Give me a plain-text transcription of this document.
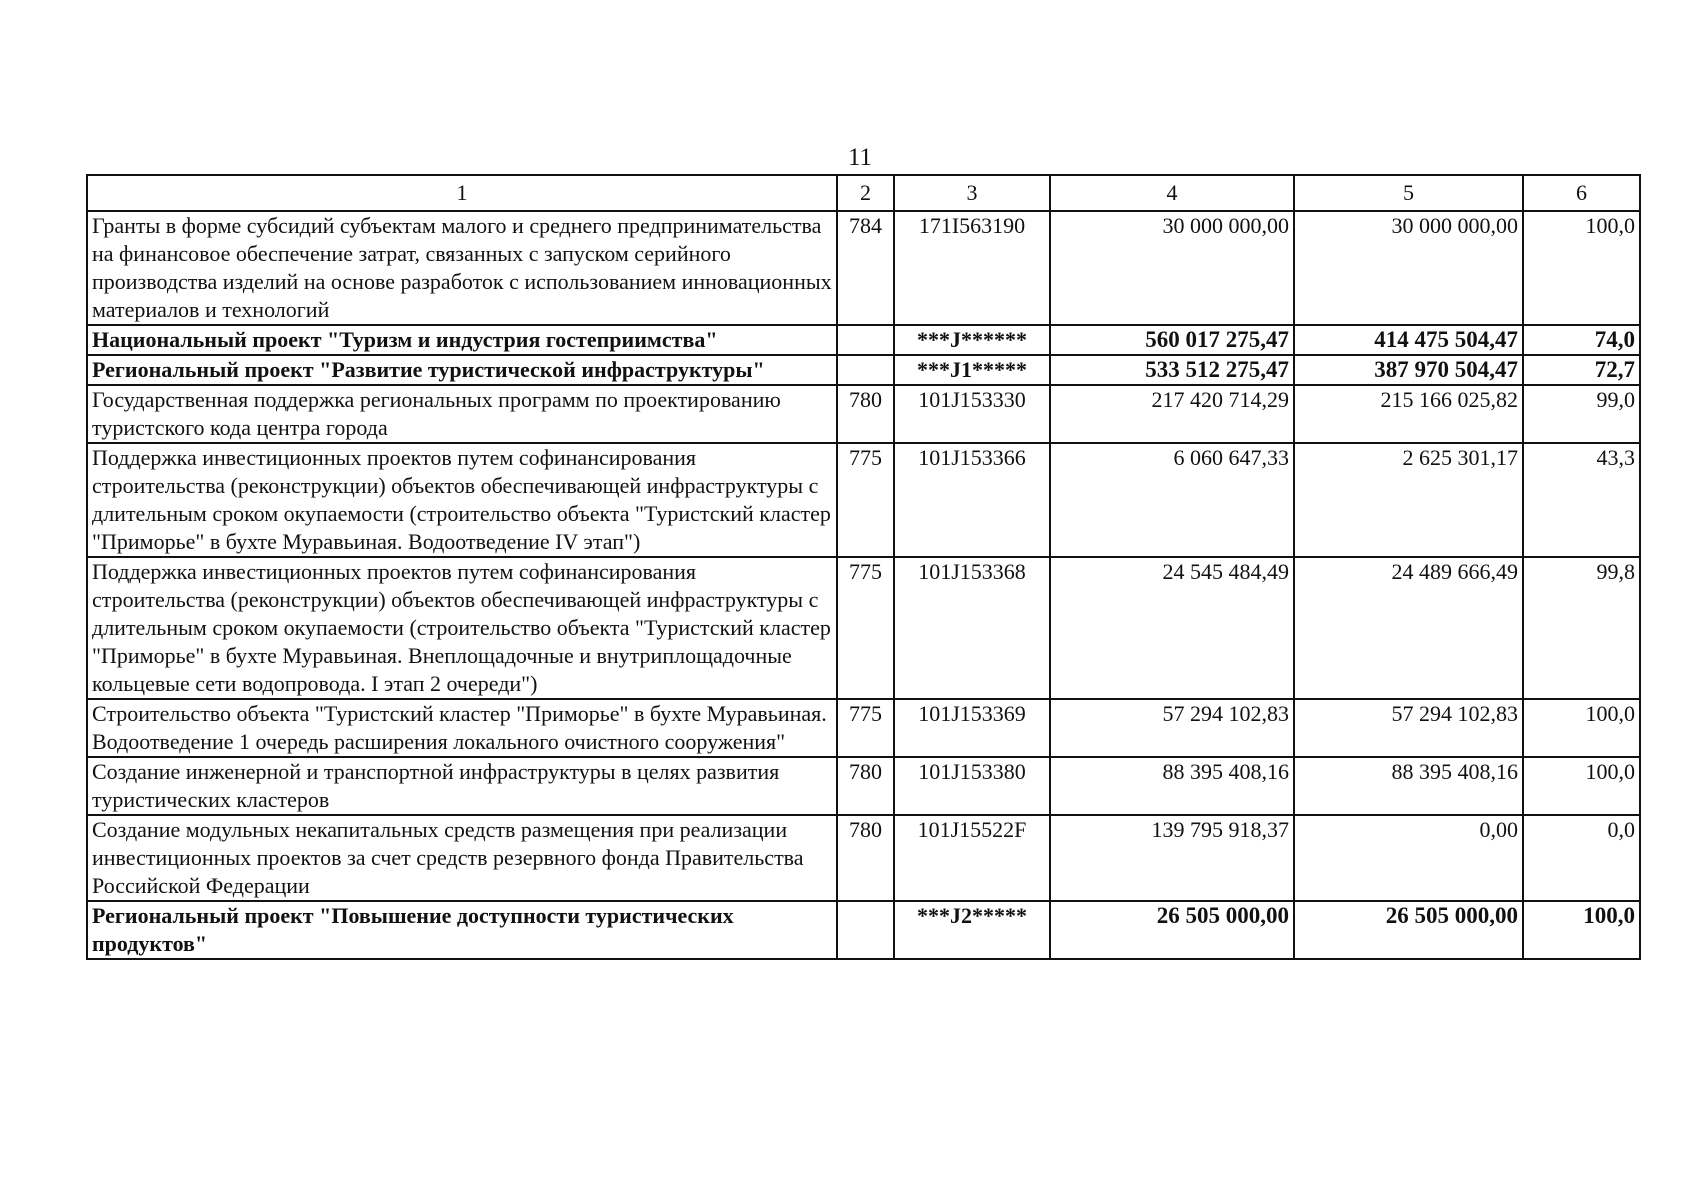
11
1	2	3	4	5	6
Гранты в форме субсидий субъектам малого и среднего предпринимательства на финансовое обеспечение затрат, связанных с запуском серийного производства изделий на основе разработок с использованием инновационных материалов и технологий	784	171I563190	30 000 000,00	30 000 000,00	100,0
Национальный проект "Туризм и индустрия гостеприимства"		***J******	560 017 275,47	414 475 504,47	74,0
Региональный проект "Развитие туристической инфраструктуры"		***J1*****	533 512 275,47	387 970 504,47	72,7
Государственная поддержка региональных программ по проектированию туристского кода центра города	780	101J153330	217 420 714,29	215 166 025,82	99,0
Поддержка инвестиционных проектов путем софинансирования строительства (реконструкции) объектов обеспечивающей инфраструктуры с длительным сроком окупаемости (строительство объекта "Туристский кластер "Приморье" в бухте Муравьиная. Водоотведение IV этап")	775	101J153366	6 060 647,33	2 625 301,17	43,3
Поддержка инвестиционных проектов путем софинансирования строительства (реконструкции) объектов обеспечивающей инфраструктуры с длительным сроком окупаемости (строительство объекта "Туристский кластер "Приморье" в бухте Муравьиная. Внеплощадочные и внутриплощадочные кольцевые сети водопровода. I этап 2 очереди")	775	101J153368	24 545 484,49	24 489 666,49	99,8
Строительство объекта "Туристский кластер "Приморье" в бухте Муравьиная. Водоотведение 1 очередь расширения локального очистного сооружения"	775	101J153369	57 294 102,83	57 294 102,83	100,0
Создание инженерной и транспортной инфраструктуры в целях развития туристических кластеров	780	101J153380	88 395 408,16	88 395 408,16	100,0
Создание модульных некапитальных средств размещения при реализации инвестиционных проектов за счет средств резервного фонда Правительства Российской Федерации	780	101J15522F	139 795 918,37	0,00	0,0
Региональный проект "Повышение доступности туристических продуктов"		***J2*****	26 505 000,00	26 505 000,00	100,0
